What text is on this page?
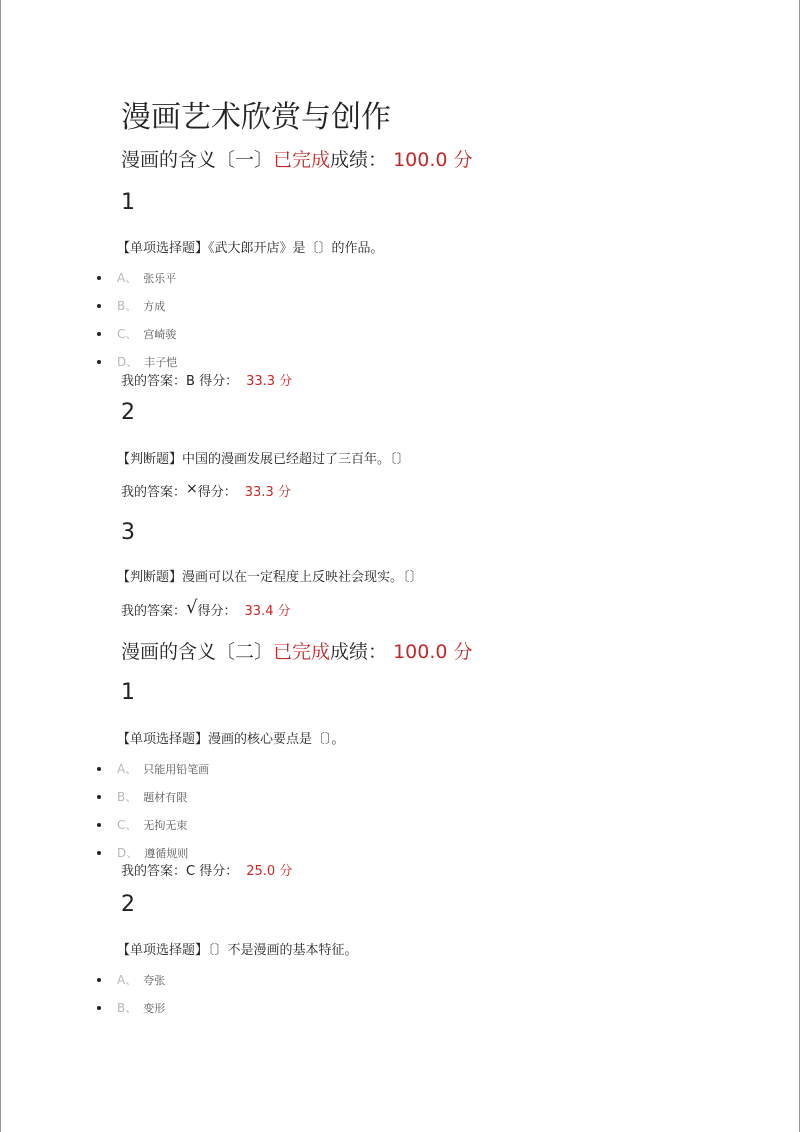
漫画艺术欣赏与创作
漫画的含义〔一〕已完成成绩： 100.0 分
1
【单项选择题】《武大郎开店》是〔〕的作品。
A、 张乐平
B、 方成
C、 宫崎骏
D、 丰子恺
我的答案：B 得分： 33.3 分
2
【判断题】中国的漫画发展已经超过了三百年。〔〕
我的答案：×得分： 33.3 分
3
【判断题】漫画可以在一定程度上反映社会现实。〔〕
我的答案：√得分： 33.4 分
漫画的含义〔二〕已完成成绩： 100.0 分
1
【单项选择题】漫画的核心要点是〔〕。
A、 只能用铅笔画
B、 题材有限
C、 无拘无束
D、 遵循规则
我的答案：C 得分： 25.0 分
2
【单项选择题】〔〕不是漫画的基本特征。
A、 夸张
B、 变形
